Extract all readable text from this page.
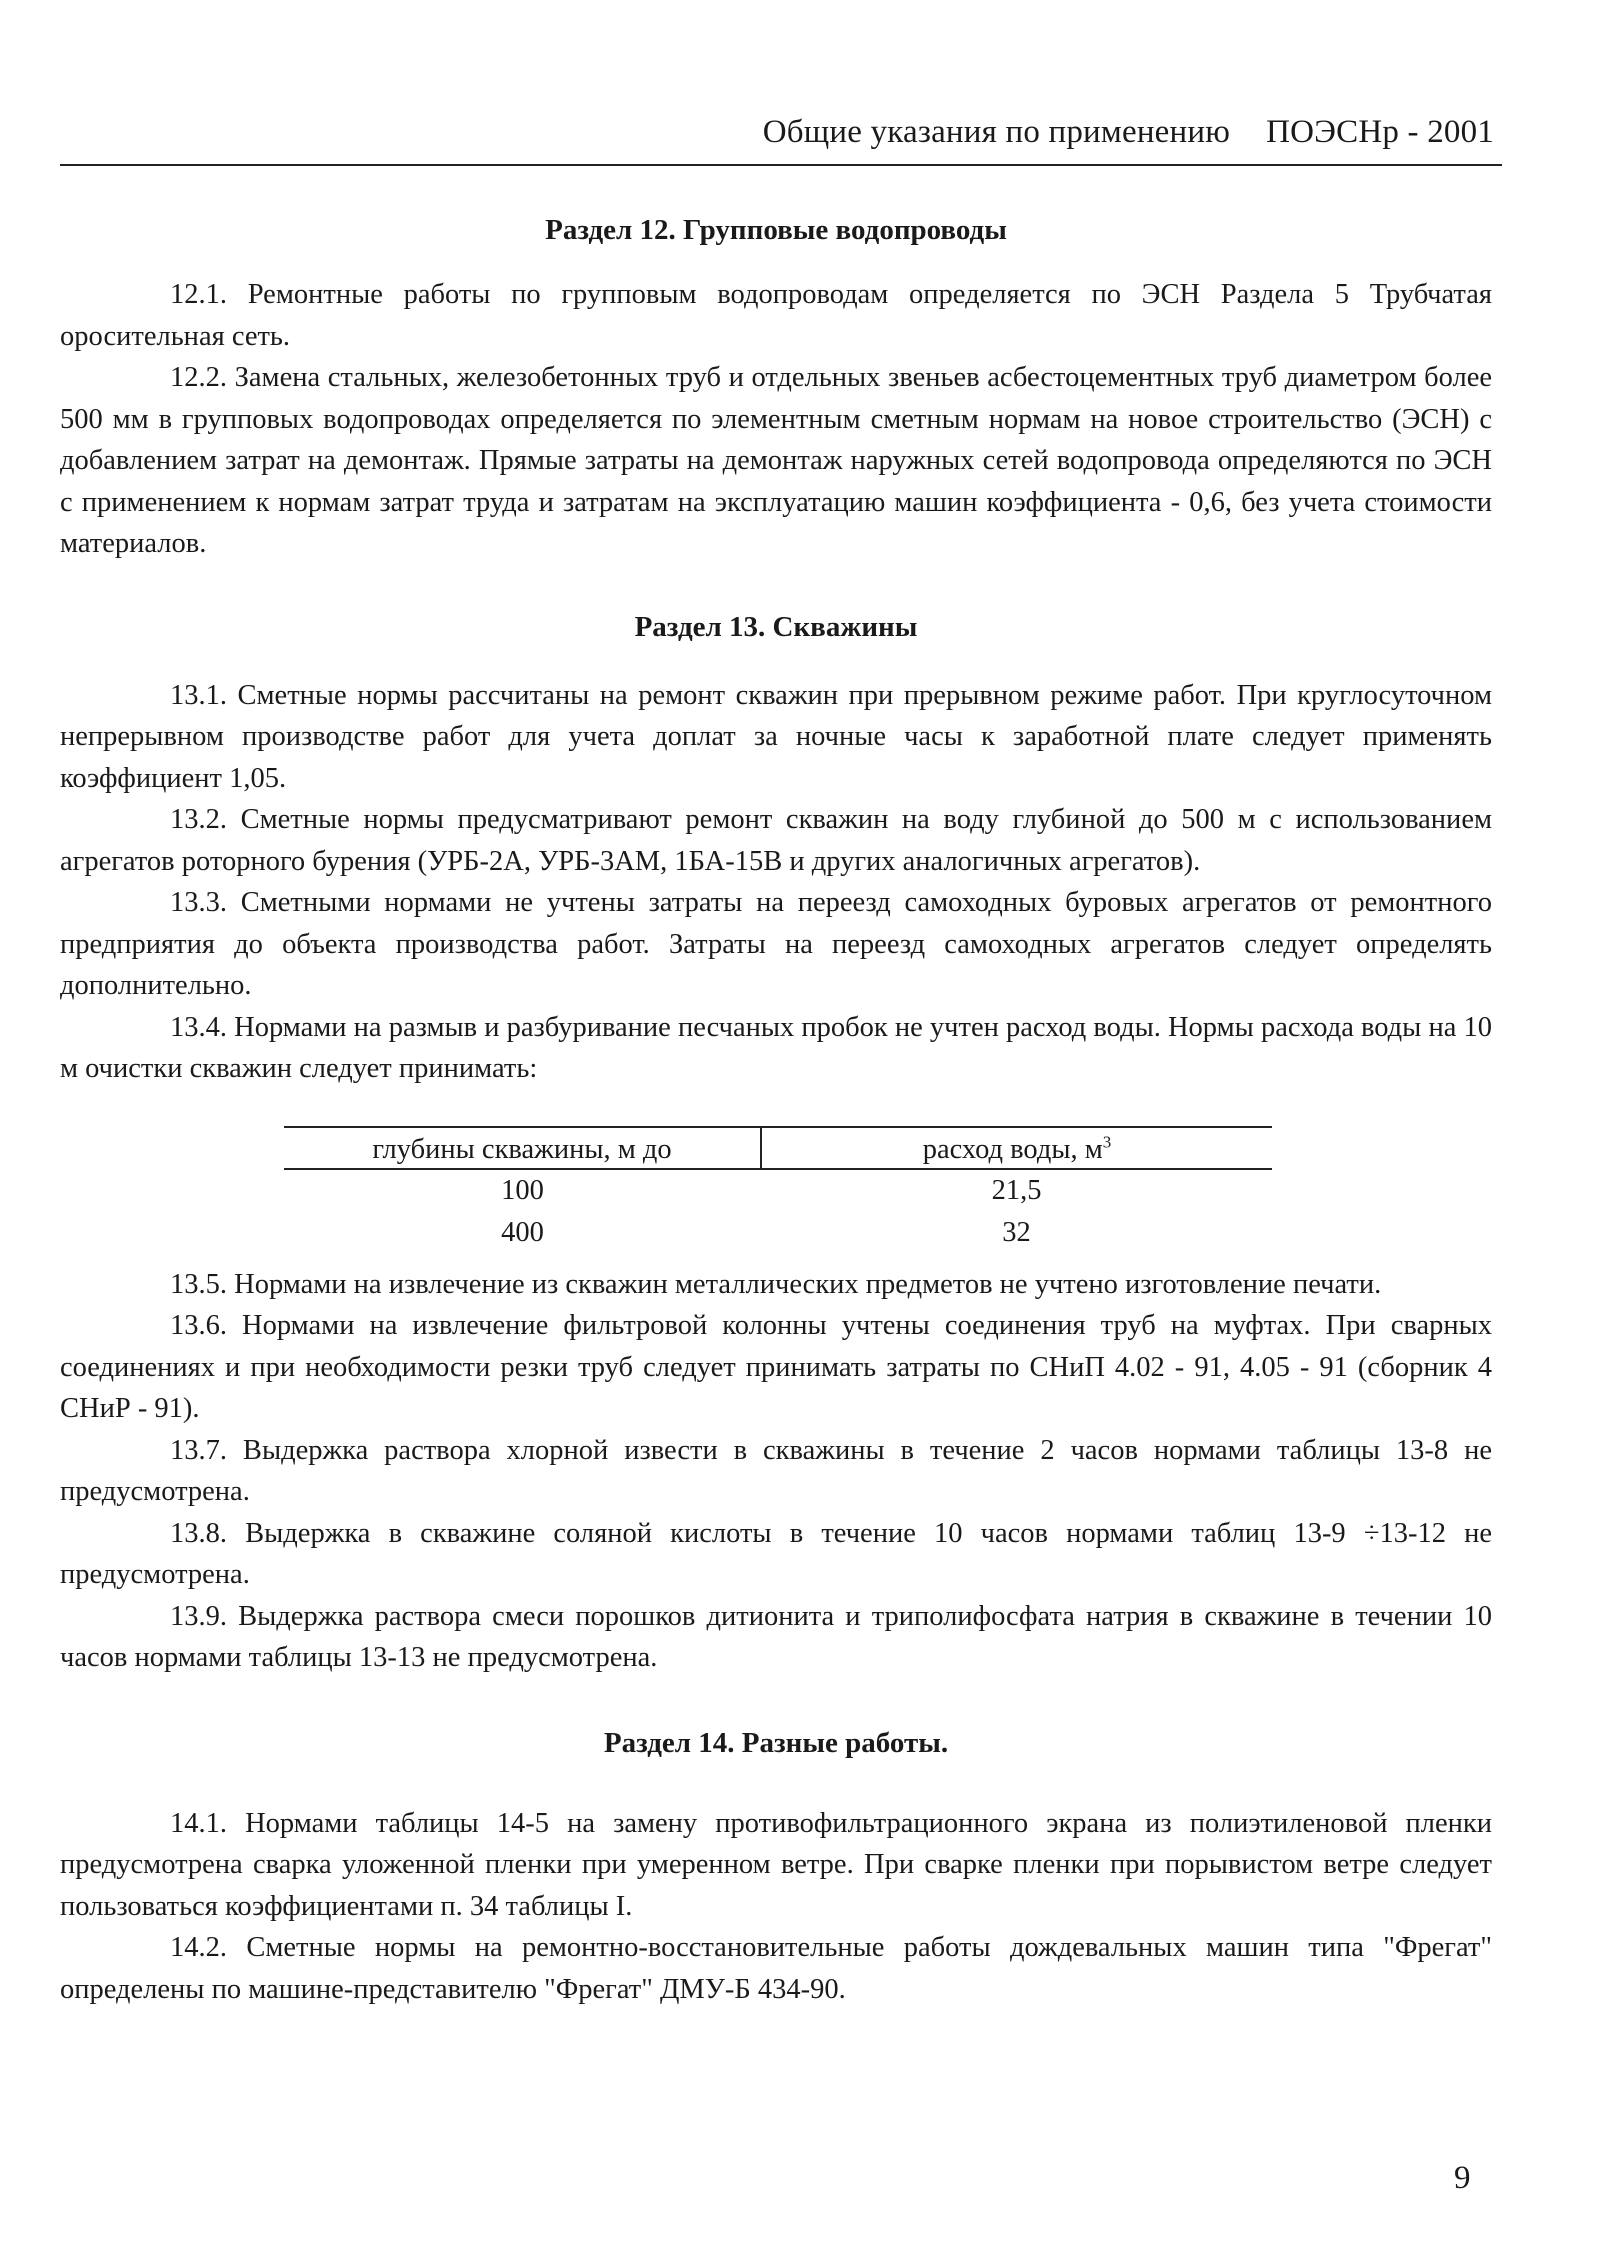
Общие указания по применению ПОЭСНр - 2001
Раздел 12. Групповые водопроводы

12.1. Ремонтные работы по групповым водопроводам определяется по ЭСН Раздела 5 Трубчатая оросительная сеть.

12.2. Замена стальных, железобетонных труб и отдельных звеньев асбестоцементных труб диаметром более 500 мм в групповых водопроводах определяется по элементным сметным нормам на новое строительство (ЭСН) с добавлением затрат на демонтаж. Прямые затраты на демонтаж наружных сетей водопровода определяются по ЭСН с применением к нормам затрат труда и затратам на эксплуатацию машин коэффициента - 0,6, без учета стоимости материалов.

Раздел 13. Скважины

13.1. Сметные нормы рассчитаны на ремонт скважин при прерывном режиме работ. При круглосуточном непрерывном производстве работ для учета доплат за ночные часы к заработной плате следует применять коэффициент 1,05.

13.2. Сметные нормы предусматривают ремонт скважин на воду глубиной до 500 м с использованием агрегатов роторного бурения (УРБ-2А, УРБ-3АМ, 1БА-15В и других аналогичных агрегатов).

13.3. Сметными нормами не учтены затраты на переезд самоходных буровых агрегатов от ремонтного предприятия до объекта производства работ. Затраты на переезд самоходных агрегатов следует определять дополнительно.

13.4. Нормами на размыв и разбуривание песчаных пробок не учтен расход воды. Нормы расхода воды на 10 м очистки скважин следует принимать:

глубины скважины, м до	расход воды, $м^3$
100	21,5
400	32

13.5. Нормами на извлечение из скважин металлических предметов не учтено изготовление печати.

13.6. Нормами на извлечение фильтровой колонны учтены соединения труб на муфтах. При сварных соединениях и при необходимости резки труб следует принимать затраты по СНиП 4.02 - 91, 4.05 - 91 (сборник 4 СНиР - 91).

13.7. Выдержка раствора хлорной извести в скважины в течение 2 часов нормами таблицы 13-8 не предусмотрена.

13.8. Выдержка в скважине соляной кислоты в течение 10 часов нормами таблиц 13-9 ÷13-12 не предусмотрена.

13.9. Выдержка раствора смеси порошков дитионита и триполифосфата натрия в скважине в течении 10 часов нормами таблицы 13-13 не предусмотрена.

Раздел 14. Разные работы.

14.1. Нормами таблицы 14-5 на замену противофильтрационного экрана из полиэтиленовой пленки предусмотрена сварка уложенной пленки при умеренном ветре. При сварке пленки при порывистом ветре следует пользоваться коэффициентами п. 34 таблицы I.

14.2. Сметные нормы на ремонтно-восстановительные работы дождевальных машин типа "Фрегат" определены по машине-представителю "Фрегат" ДМУ-Б 434-90.

9
